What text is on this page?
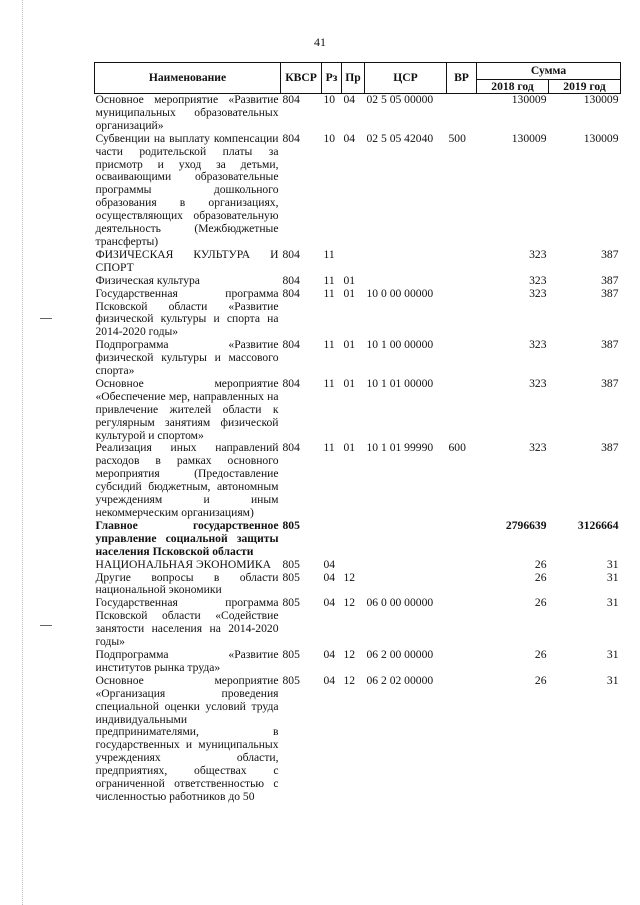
41
Наименование	КВСР	Рз	Пр	ЦСР	ВР	Сумма	
						2018 год	2019 год
Основное мероприятие «Развитие муниципальных образовательных организаций»	804	10	04	02 5 05 00000		130009	130009
Субвенции на выплату компенсации части родительской платы за присмотр и уход за детьми, осваивающими образовательные программы дошкольного образования в организациях, осуществляющих образовательную деятельность (Межбюджетные трансферты)	804	10	04	02 5 05 42040	500	130009	130009
ФИЗИЧЕСКАЯ КУЛЬТУРА И СПОРТ	804	11				323	387
Физическая культура	804	11	01			323	387
Государственная программа Псковской области «Развитие физической культуры и спорта на 2014-2020 годы»	804	11	01	10 0 00 00000		323	387
Подпрограмма «Развитие физической культуры и массового спорта»	804	11	01	10 1 00 00000		323	387
Основное мероприятие «Обеспечение мер, направленных на привлечение жителей области к регулярным занятиям физической культурой и спортом»	804	11	01	10 1 01 00000		323	387
Реализация иных направлений расходов в рамках основного мероприятия (Предоставление субсидий бюджетным, автономным учреждениям и иным некоммерческим организациям)	804	11	01	10 1 01 99990	600	323	387
Главное государственное управление социальной защиты населения Псковской области	805					2796639	3126664
НАЦИОНАЛЬНАЯ ЭКОНОМИКА	805	04				26	31
Другие вопросы в области национальной экономики	805	04	12			26	31
Государственная программа Псковской области «Содействие занятости населения на 2014-2020 годы»	805	04	12	06 0 00 00000		26	31
Подпрограмма «Развитие институтов рынка труда»	805	04	12	06 2 00 00000		26	31
Основное мероприятие «Организация проведения специальной оценки условий труда индивидуальными предпринимателями, в государственных и муниципальных учреждениях области, предприятиях, обществах с ограниченной ответственностью с численностью работников до 50	805	04	12	06 2 02 00000		26	31
